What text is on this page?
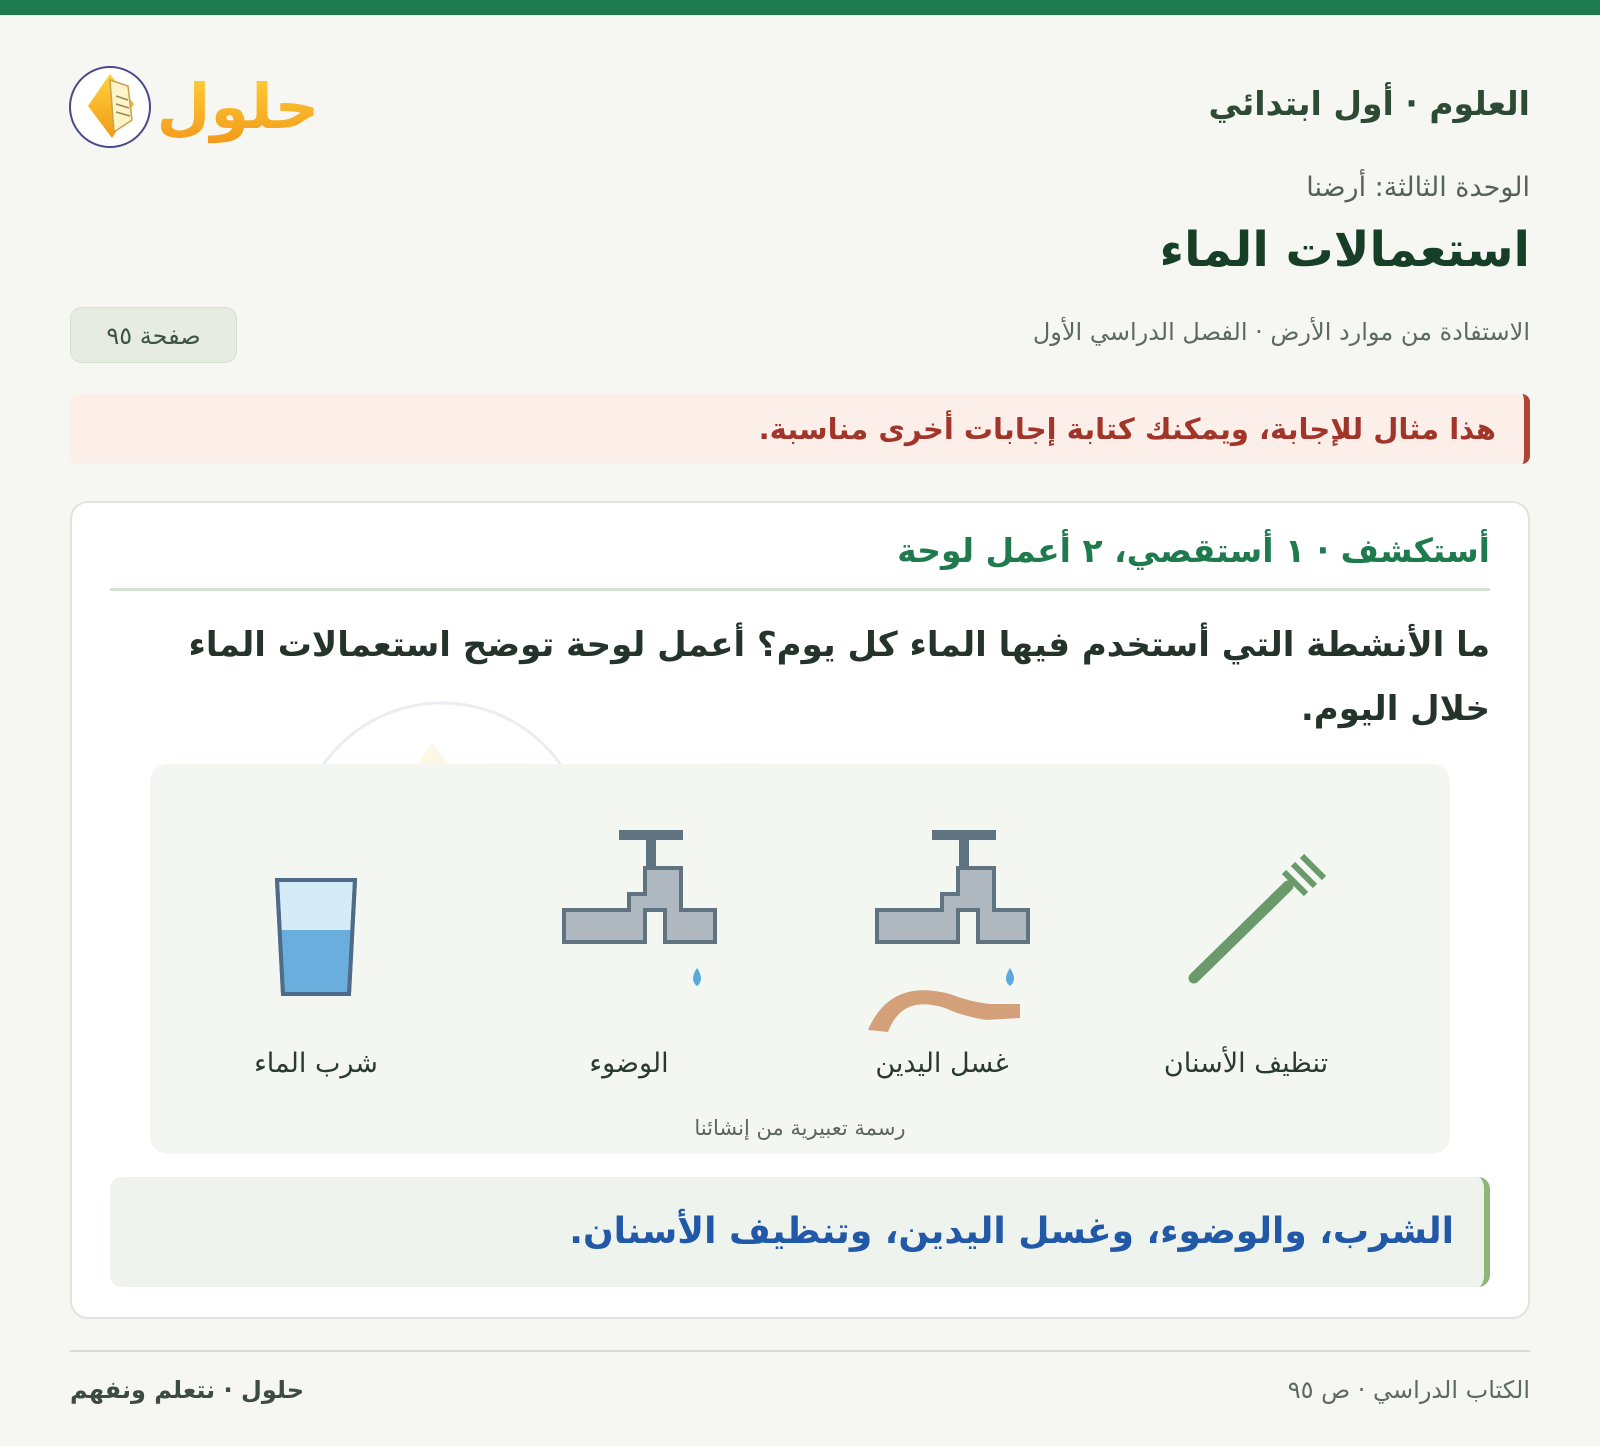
العلوم · أول ابتدائي
حلول
الوحدة الثالثة: أرضنا
استعمالات الماء
الاستفادة من موارد الأرض · الفصل الدراسي الأول
صفحة ٩٥
هذا مثال للإجابة، ويمكنك كتابة إجابات أخرى مناسبة.
أستكشف · ١ أستقصي، ٢ أعمل لوحة
ما الأنشطة التي أستخدم فيها الماء كل يوم؟ أعمل لوحة توضح استعمالات الماء خلال اليوم.
تنظيف الأسنان
غسل اليدين
الوضوء
شرب الماء
رسمة تعبيرية من إنشائنا
الشرب، والوضوء، وغسل اليدين، وتنظيف الأسنان.
الكتاب الدراسي · ص ٩٥
حلول · نتعلم ونفهم
